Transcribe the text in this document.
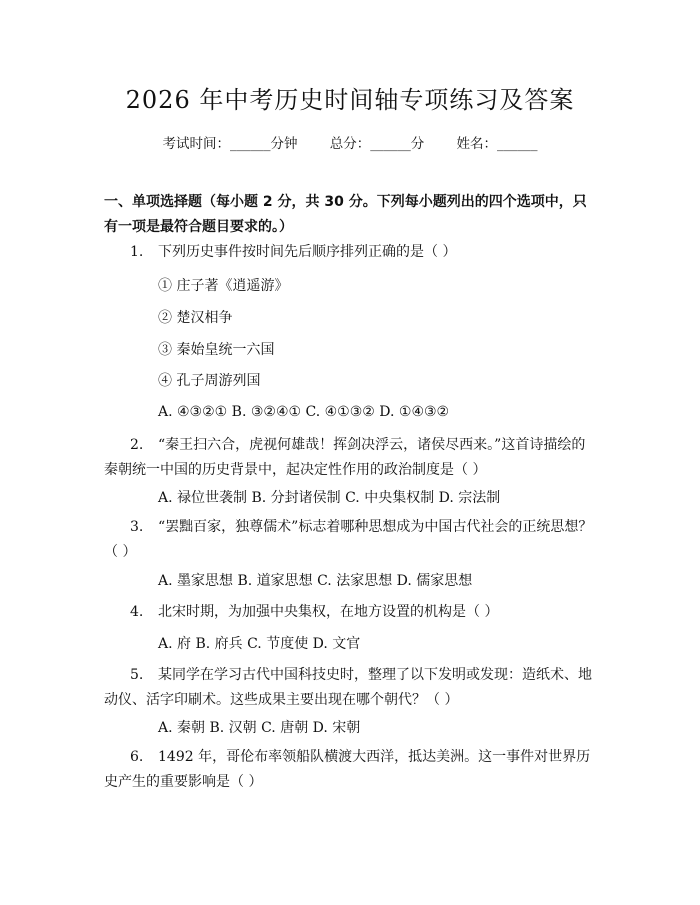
2026 年中考历史时间轴专项练习及答案
考试时间：______分钟 总分：______分 姓名：______
一、单项选择题（每小题 2 分，共 30 分。下列每小题列出的四个选项中，只有一项是最符合题目要求的。）
1. 下列历史事件按时间先后顺序排列正确的是（ ）
① 庄子著《逍遥游》
② 楚汉相争
③ 秦始皇统一六国
④ 孔子周游列国
A. ④③②① B. ③②④① C. ④①③② D. ①④③②
2. “秦王扫六合，虎视何雄哉！挥剑决浮云，诸侯尽西来。”这首诗描绘的秦朝统一中国的历史背景中，起决定性作用的政治制度是（ ）
A. 禄位世袭制 B. 分封诸侯制 C. 中央集权制 D. 宗法制
3. “罢黜百家，独尊儒术”标志着哪种思想成为中国古代社会的正统思想？（ ）
A. 墨家思想 B. 道家思想 C. 法家思想 D. 儒家思想
4. 北宋时期，为加强中央集权，在地方设置的机构是（ ）
A. 府 B. 府兵 C. 节度使 D. 文官
5. 某同学在学习古代中国科技史时，整理了以下发明或发现：造纸术、地动仪、活字印刷术。这些成果主要出现在哪个朝代？（ ）
A. 秦朝 B. 汉朝 C. 唐朝 D. 宋朝
6. 1492 年，哥伦布率领船队横渡大西洋，抵达美洲。这一事件对世界历史产生的重要影响是（ ）
